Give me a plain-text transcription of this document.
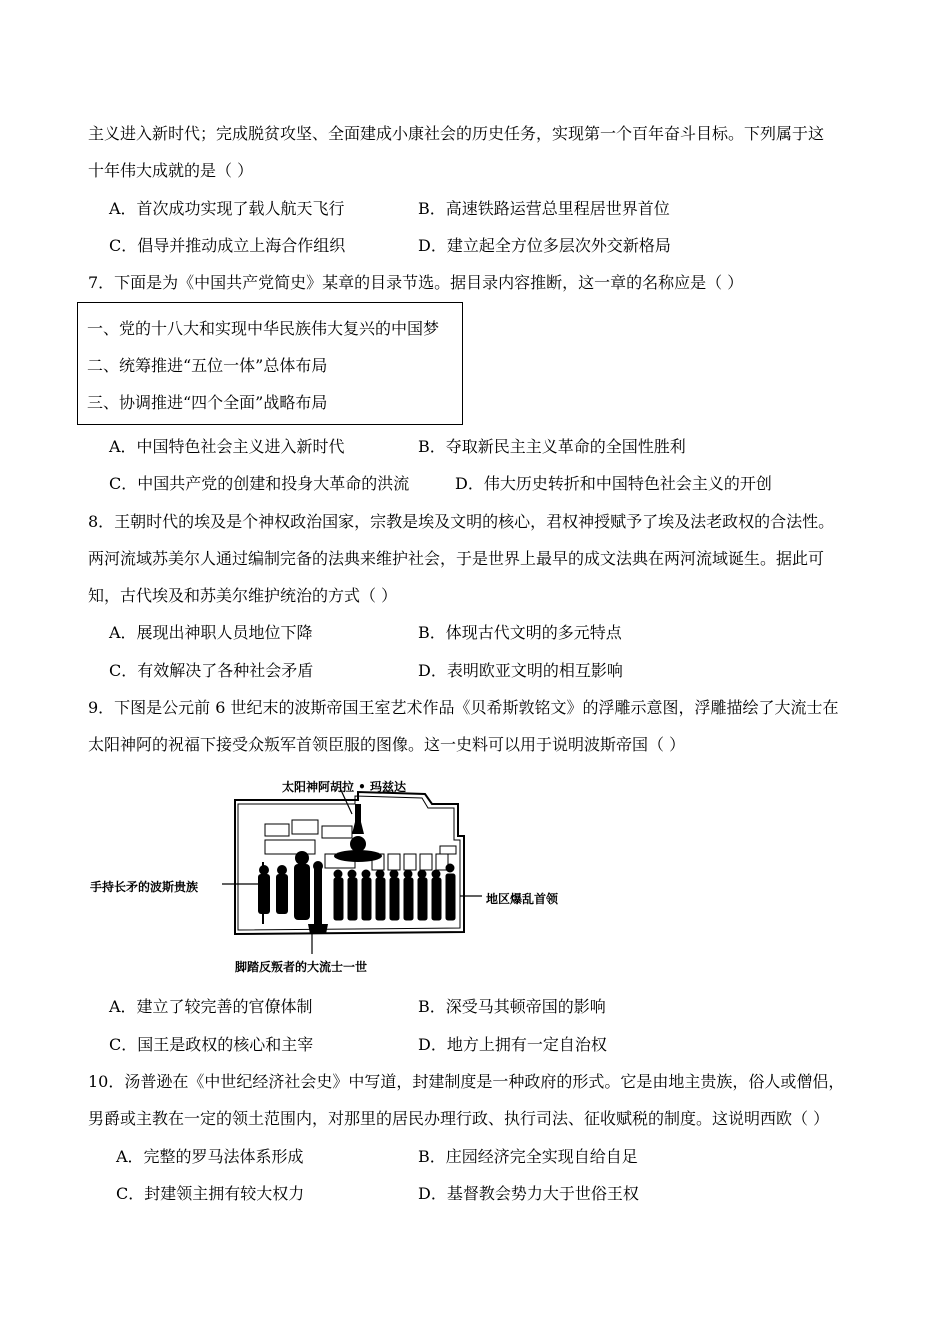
主义进入新时代；完成脱贫攻坚、全面建成小康社会的历史任务，实现第一个百年奋斗目标。下列属于这
十年伟大成就的是（ ）
A．首次成功实现了载人航天飞行	B．高速铁路运营总里程居世界首位
C．倡导并推动成立上海合作组织	D．建立起全方位多层次外交新格局
7．下面是为《中国共产党简史》某章的目录节选。据目录内容推断，这一章的名称应是（ ）
一、党的十八大和实现中华民族伟大复兴的中国梦
二、统筹推进“五位一体”总体布局
三、协调推进“四个全面”战略布局
A．中国特色社会主义进入新时代	B．夺取新民主主义革命的全国性胜利
C．中国共产党的创建和投身大革命的洪流	D．伟大历史转折和中国特色社会主义的开创
8．王朝时代的埃及是个神权政治国家，宗教是埃及文明的核心，君权神授赋予了埃及法老政权的合法性。
两河流域苏美尔人通过编制完备的法典来维护社会，于是世界上最早的成文法典在两河流域诞生。据此可
知，古代埃及和苏美尔维护统治的方式（ ）
A．展现出神职人员地位下降	B．体现古代文明的多元特点
C．有效解决了各种社会矛盾	D．表明欧亚文明的相互影响
9．下图是公元前 6 世纪末的波斯帝国王室艺术作品《贝希斯敦铭文》的浮雕示意图，浮雕描绘了大流士在
太阳神阿的祝福下接受众叛军首领臣服的图像。这一史料可以用于说明波斯帝国（ ）
太阳神阿胡拉 • 玛兹达
手持长矛的波斯贵族
地区爆乱首领
脚踏反叛者的大流士一世
A．建立了较完善的官僚体制	B．深受马其顿帝国的影响
C．国王是政权的核心和主宰	D．地方上拥有一定自治权
10．汤普逊在《中世纪经济社会史》中写道，封建制度是一种政府的形式。它是由地主贵族，俗人或僧侣，
男爵或主教在一定的领土范围内，对那里的居民办理行政、执行司法、征收赋税的制度。这说明西欧（ ）
A．完整的罗马法体系形成	B．庄园经济完全实现自给自足
C．封建领主拥有较大权力	D．基督教会势力大于世俗王权
